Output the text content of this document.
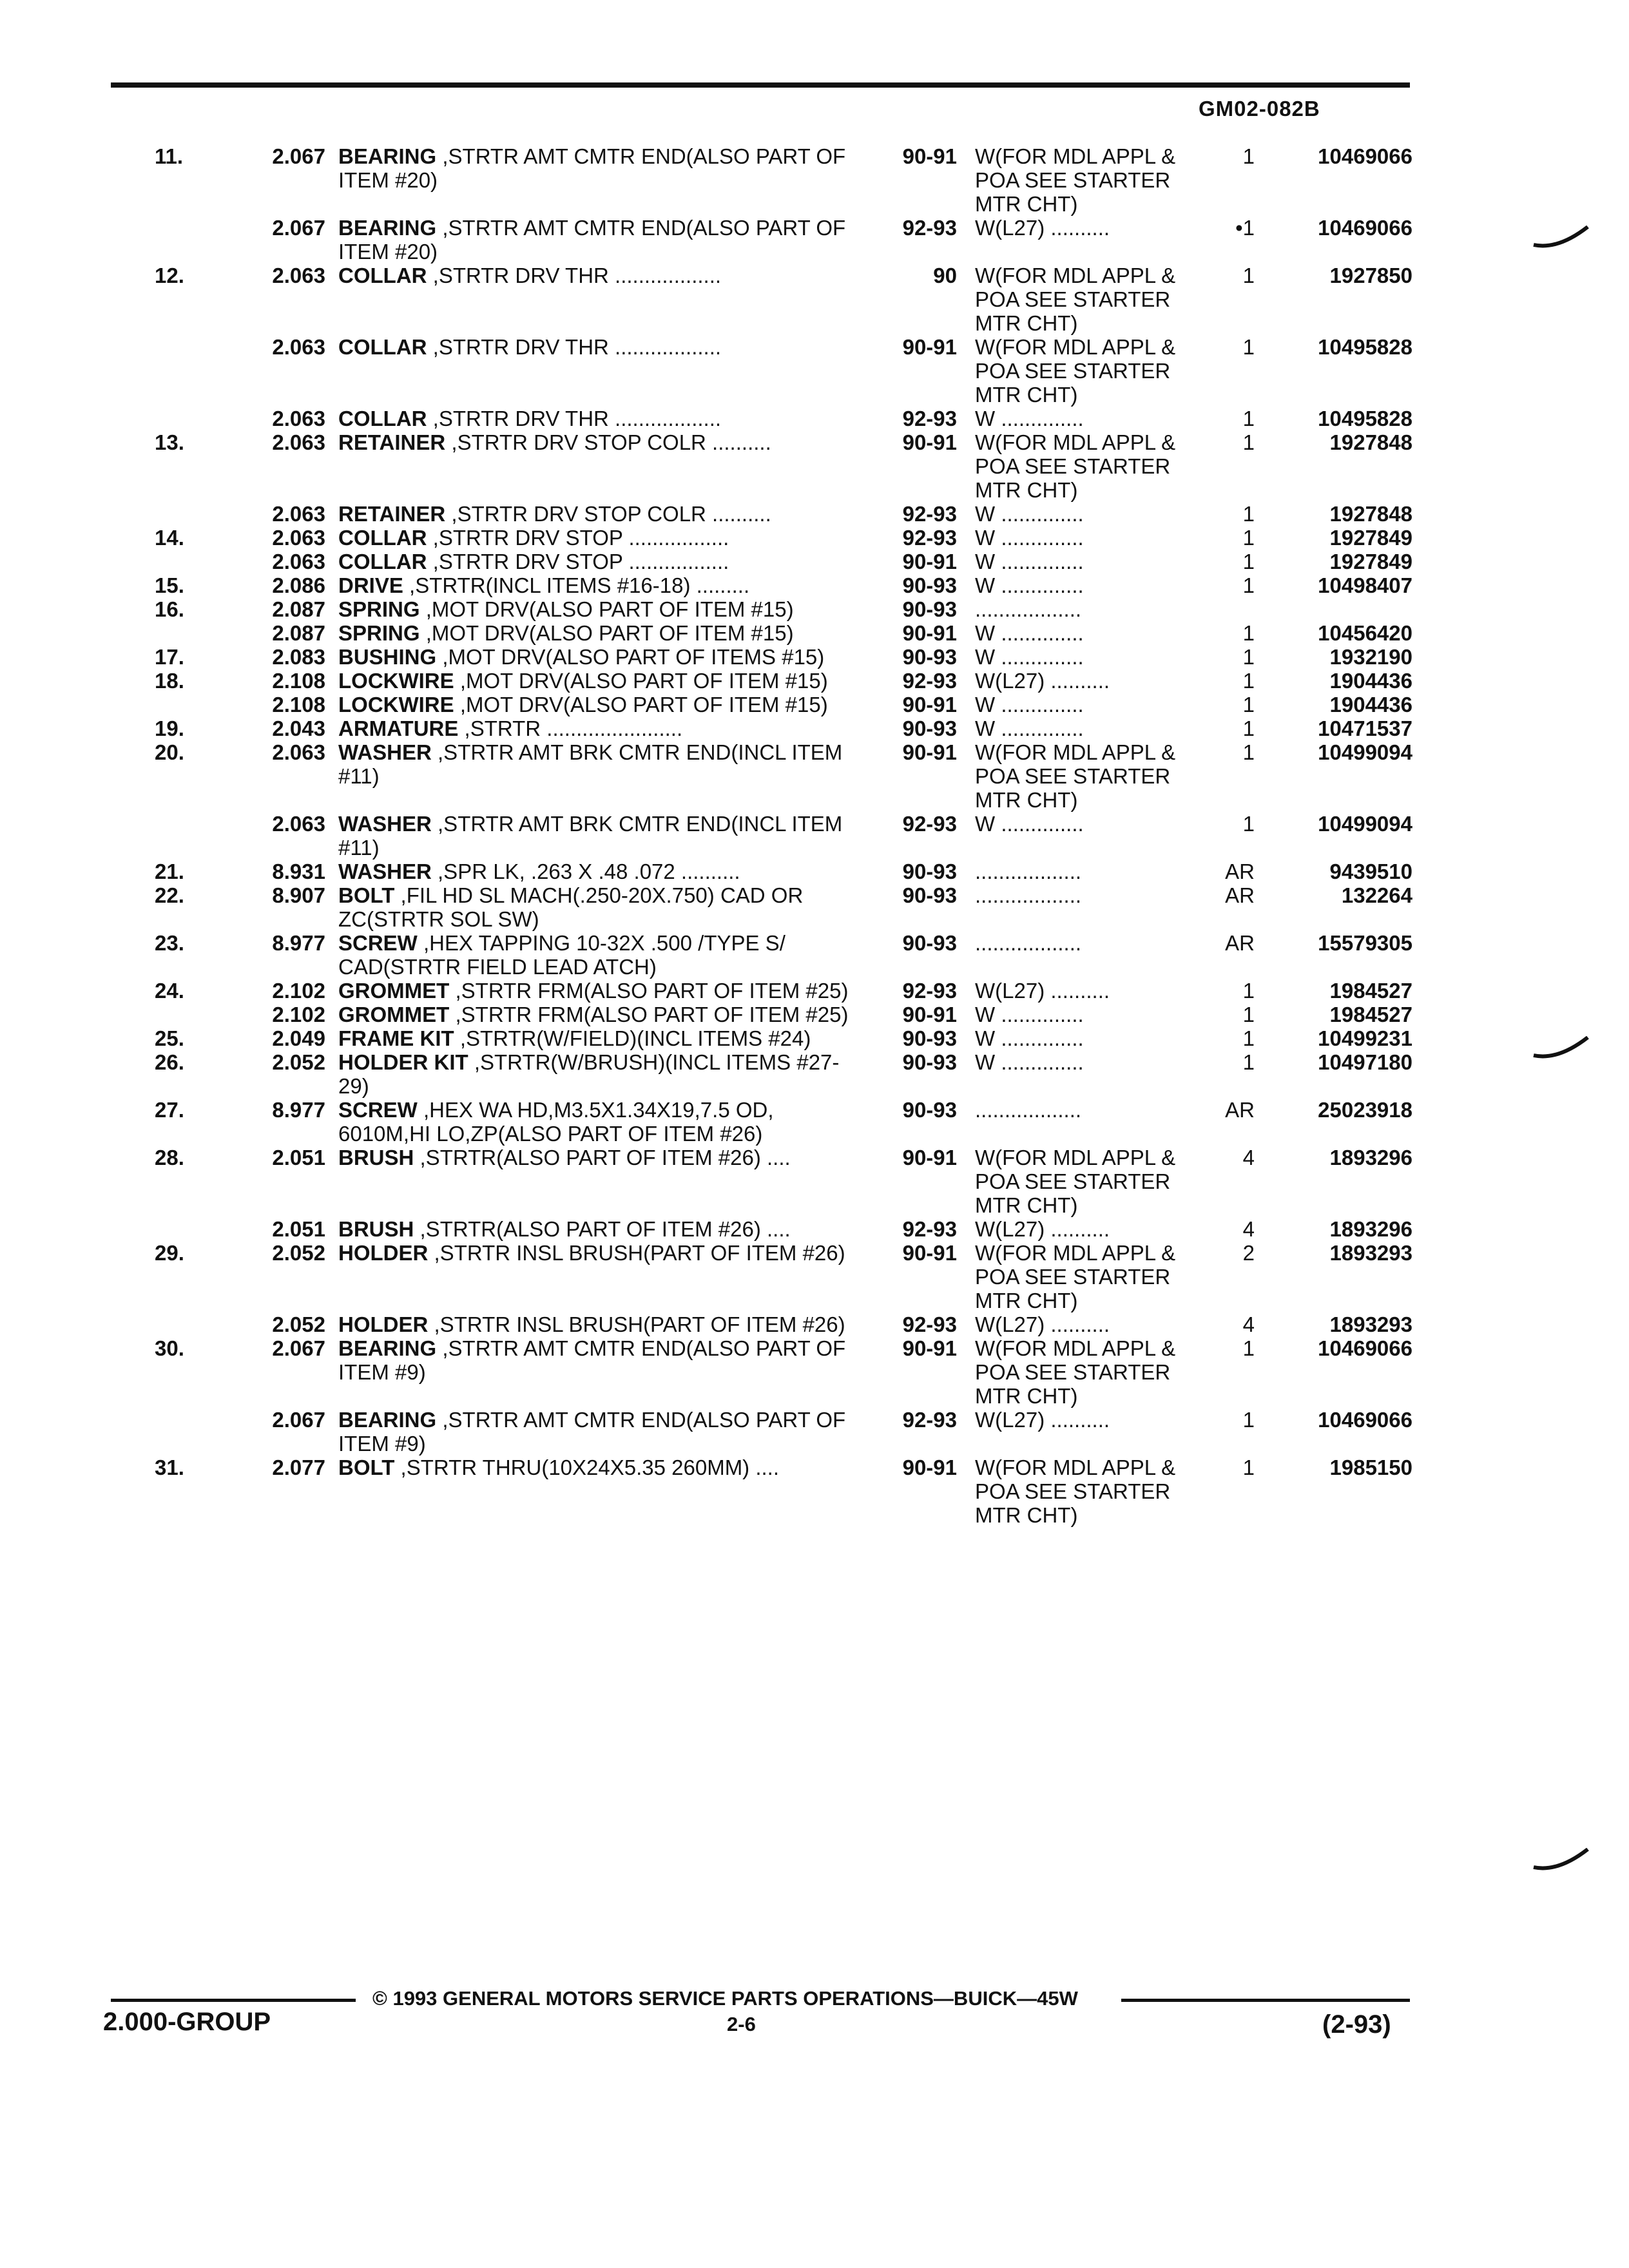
GM02-082B
11.	2.067	BEARING ,STRTR AMT CMTR END(ALSO PART OF ITEM #20)	90-91	W(FOR MDL APPL & POA SEE STARTER MTR CHT)	1	10469066
	2.067	BEARING ,STRTR AMT CMTR END(ALSO PART OF ITEM #20)	92-93	W(L27) ..........	•1	10469066
12.	2.063	COLLAR ,STRTR DRV THR ..................	90	W(FOR MDL APPL & POA SEE STARTER MTR CHT)	1	1927850
	2.063	COLLAR ,STRTR DRV THR ..................	90-91	W(FOR MDL APPL & POA SEE STARTER MTR CHT)	1	10495828
	2.063	COLLAR ,STRTR DRV THR ..................	92-93	W ..............	1	10495828
13.	2.063	RETAINER ,STRTR DRV STOP COLR ..........	90-91	W(FOR MDL APPL & POA SEE STARTER MTR CHT)	1	1927848
	2.063	RETAINER ,STRTR DRV STOP COLR ..........	92-93	W ..............	1	1927848
14.	2.063	COLLAR ,STRTR DRV STOP .................	92-93	W ..............	1	1927849
	2.063	COLLAR ,STRTR DRV STOP .................	90-91	W ..............	1	1927849
15.	2.086	DRIVE ,STRTR(INCL ITEMS #16-18) .........	90-93	W ..............	1	10498407
16.	2.087	SPRING ,MOT DRV(ALSO PART OF ITEM #15)	90-93	..................		
	2.087	SPRING ,MOT DRV(ALSO PART OF ITEM #15)	90-91	W ..............	1	10456420
17.	2.083	BUSHING ,MOT DRV(ALSO PART OF ITEMS #15)	90-93	W ..............	1	1932190
18.	2.108	LOCKWIRE ,MOT DRV(ALSO PART OF ITEM #15)	92-93	W(L27) ..........	1	1904436
	2.108	LOCKWIRE ,MOT DRV(ALSO PART OF ITEM #15)	90-91	W ..............	1	1904436
19.	2.043	ARMATURE ,STRTR .......................	90-93	W ..............	1	10471537
20.	2.063	WASHER ,STRTR AMT BRK CMTR END(INCL ITEM #11)	90-91	W(FOR MDL APPL & POA SEE STARTER MTR CHT)	1	10499094
	2.063	WASHER ,STRTR AMT BRK CMTR END(INCL ITEM #11)	92-93	W ..............	1	10499094
21.	8.931	WASHER ,SPR LK, .263 X .48 .072 ..........	90-93	..................	AR	9439510
22.	8.907	BOLT ,FIL HD SL MACH(.250-20X.750) CAD OR ZC(STRTR SOL SW)	90-93	..................	AR	132264
23.	8.977	SCREW ,HEX TAPPING 10-32X .500 /TYPE S/ CAD(STRTR FIELD LEAD ATCH)	90-93	..................	AR	15579305
24.	2.102	GROMMET ,STRTR FRM(ALSO PART OF ITEM #25)	92-93	W(L27) ..........	1	1984527
	2.102	GROMMET ,STRTR FRM(ALSO PART OF ITEM #25)	90-91	W ..............	1	1984527
25.	2.049	FRAME KIT ,STRTR(W/FIELD)(INCL ITEMS #24)	90-93	W ..............	1	10499231
26.	2.052	HOLDER KIT ,STRTR(W/BRUSH)(INCL ITEMS #27-29)	90-93	W ..............	1	10497180
27.	8.977	SCREW ,HEX WA HD,M3.5X1.34X19,7.5 OD, 6010M,HI LO,ZP(ALSO PART OF ITEM #26)	90-93	..................	AR	25023918
28.	2.051	BRUSH ,STRTR(ALSO PART OF ITEM #26) ....	90-91	W(FOR MDL APPL & POA SEE STARTER MTR CHT)	4	1893296
	2.051	BRUSH ,STRTR(ALSO PART OF ITEM #26) ....	92-93	W(L27) ..........	4	1893296
29.	2.052	HOLDER ,STRTR INSL BRUSH(PART OF ITEM #26)	90-91	W(FOR MDL APPL & POA SEE STARTER MTR CHT)	2	1893293
	2.052	HOLDER ,STRTR INSL BRUSH(PART OF ITEM #26)	92-93	W(L27) ..........	4	1893293
30.	2.067	BEARING ,STRTR AMT CMTR END(ALSO PART OF ITEM #9)	90-91	W(FOR MDL APPL & POA SEE STARTER MTR CHT)	1	10469066
	2.067	BEARING ,STRTR AMT CMTR END(ALSO PART OF ITEM #9)	92-93	W(L27) ..........	1	10469066
31.	2.077	BOLT ,STRTR THRU(10X24X5.35 260MM) ....	90-91	W(FOR MDL APPL & POA SEE STARTER MTR CHT)	1	1985150
© 1993 GENERAL MOTORS SERVICE PARTS OPERATIONS—BUICK—45W
2.000-GROUP	2-6	(2-93)
